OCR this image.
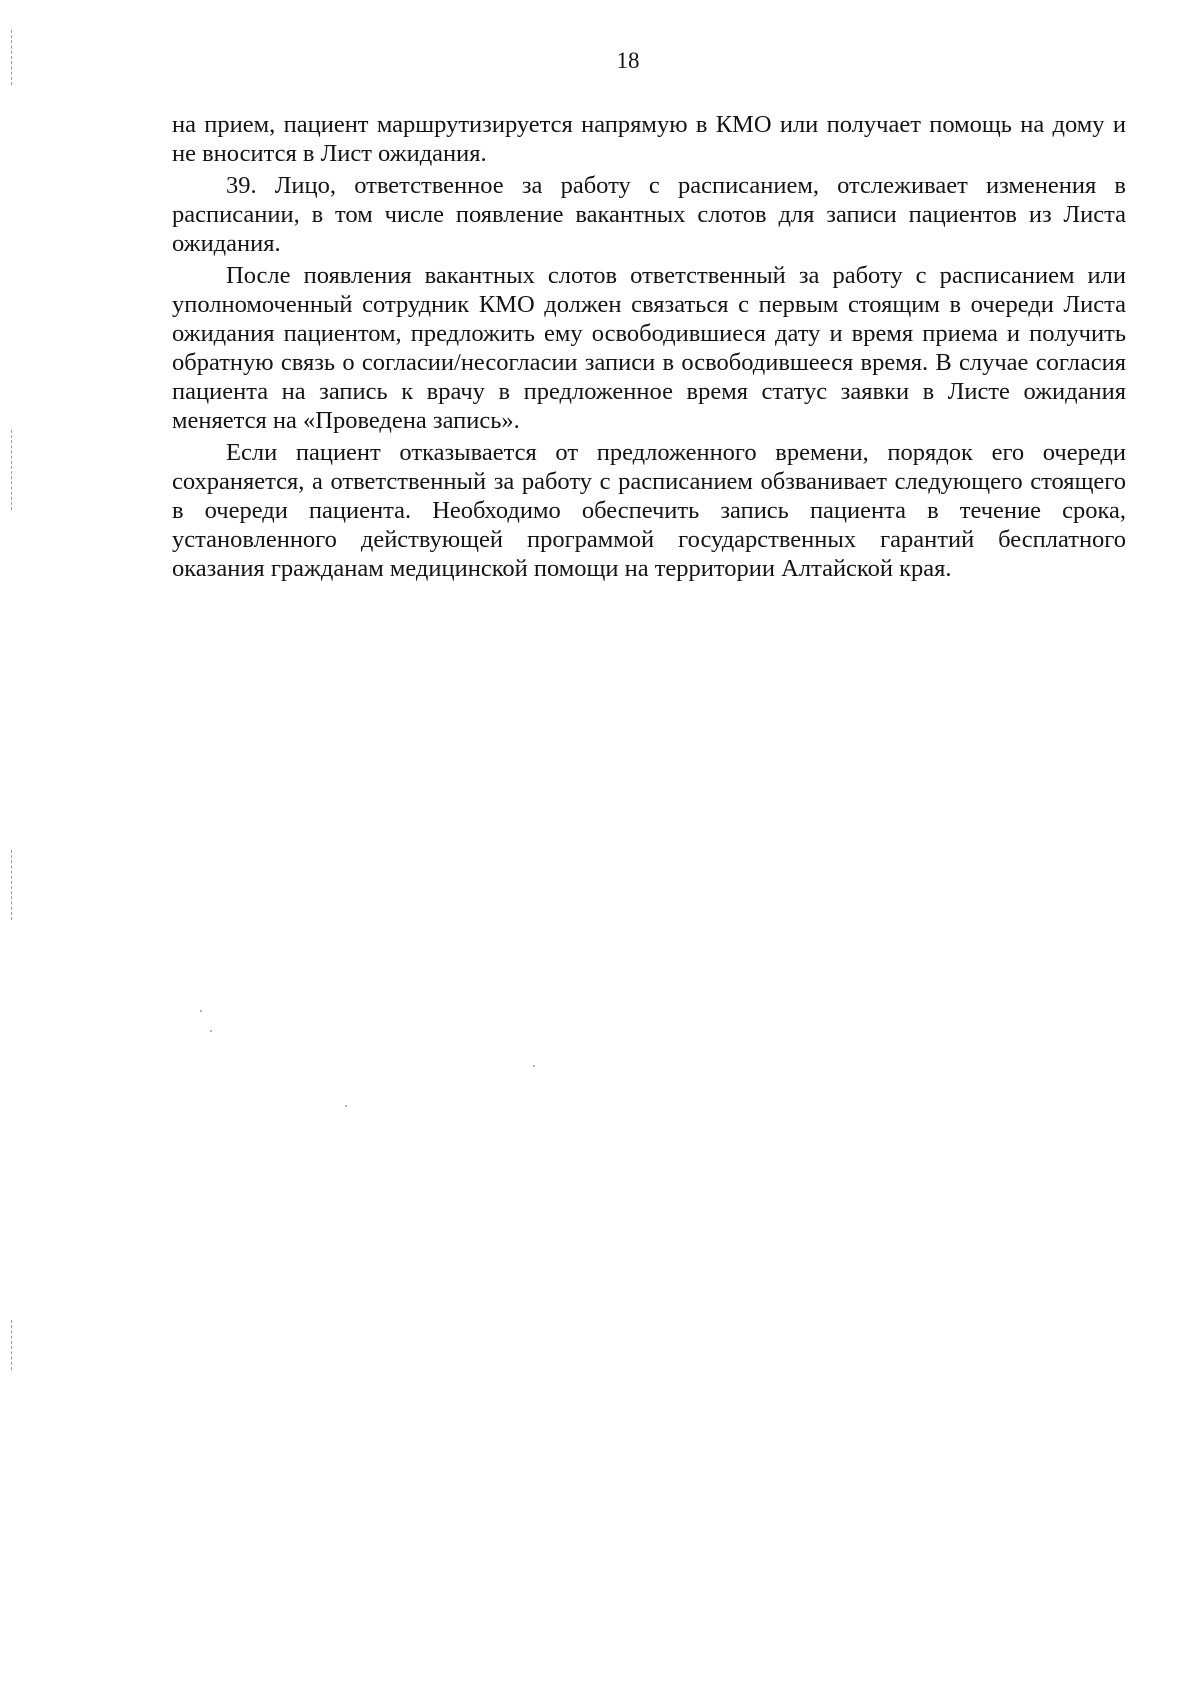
18

на прием, пациент маршрутизируется напрямую в КМО или получает помощь на дому и не вносится в Лист ожидания.

39. Лицо, ответственное за работу с расписанием, отслеживает изменения в расписании, в том числе появление вакантных слотов для записи пациентов из Листа ожидания.

После появления вакантных слотов ответственный за работу с расписанием или уполномоченный сотрудник КМО должен связаться с первым стоящим в очереди Листа ожидания пациентом, предложить ему освободившиеся дату и время приема и получить обратную связь о согласии/несогласии записи в освободившееся время. В случае согласия пациента на запись к врачу в предложенное время статус заявки в Листе ожидания меняется на «Проведена запись».

Если пациент отказывается от предложенного времени, порядок его очереди сохраняется, а ответственный за работу с расписанием обзванивает следующего стоящего в очереди пациента. Необходимо обеспечить запись пациента в течение срока, установленного действующей программой государственных гарантий бесплатного оказания гражданам медицинской помощи на территории Алтайской края.
